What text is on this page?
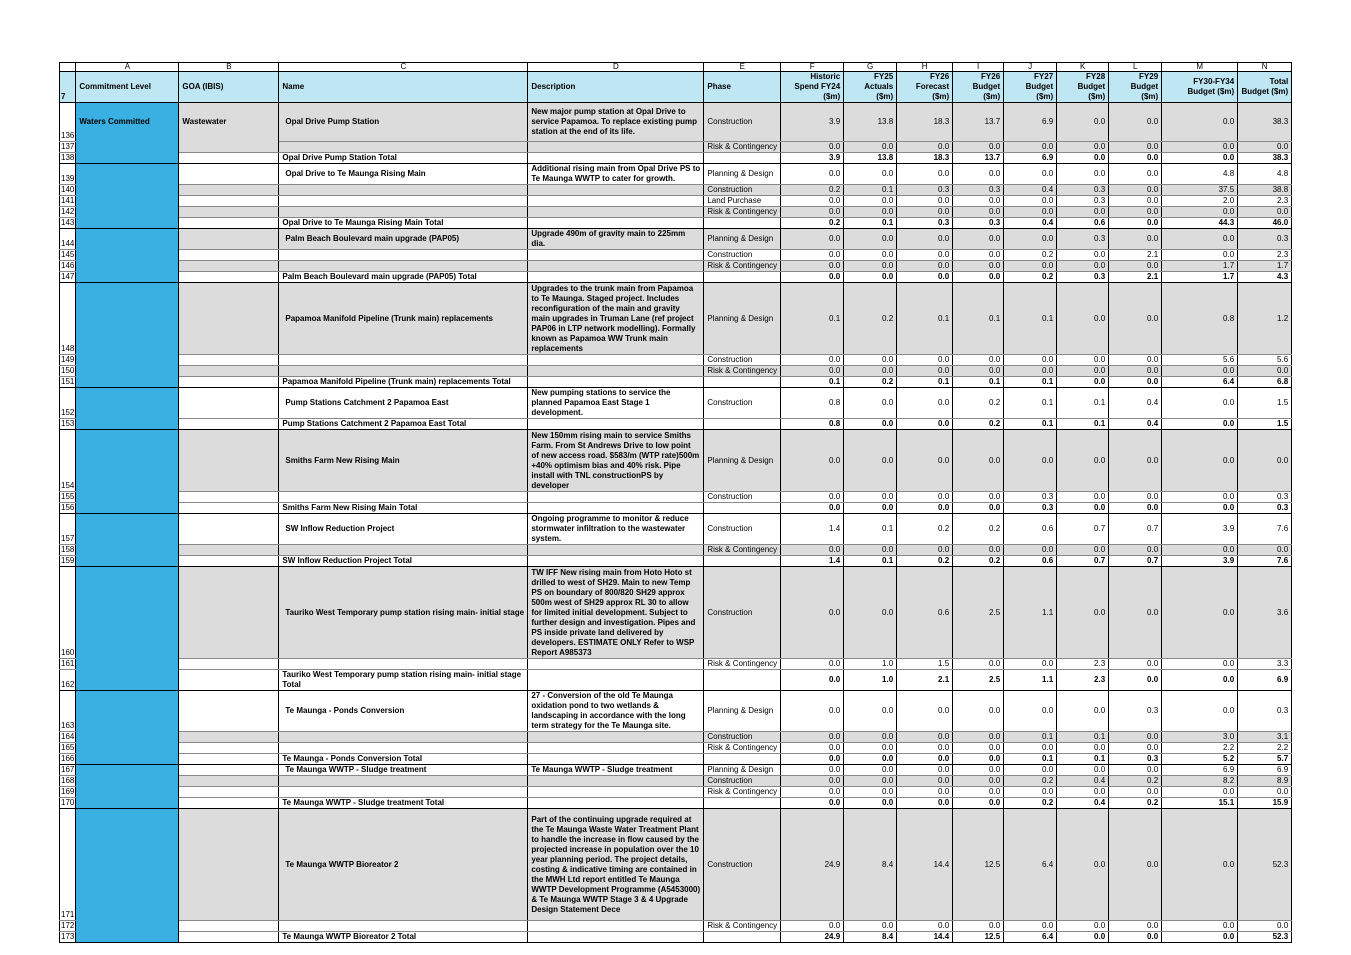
	A	B	C	D	E	F	G	H	I	J	K	L	M	N
7	Commitment Level	GOA (IBIS)	Name	Description	Phase	Historic Spend FY24 ($m)	FY25 Actuals ($m)	FY26 Forecast ($m)	FY26 Budget ($m)	FY27 Budget ($m)	FY28 Budget ($m)	FY29 Budget ($m)	FY30-FY34 Budget ($m)	Total Budget ($m)
136	Waters Committed	Wastewater	Opal Drive Pump Station	New major pump station at Opal Drive to service Papamoa. To replace existing pump station at the end of its life.	Construction	3.9	13.8	18.3	13.7	6.9	0.0	0.0	0.0	38.3
137					Risk & Contingency	0.0	0.0	0.0	0.0	0.0	0.0	0.0	0.0	0.0
138			Opal Drive Pump Station Total			3.9	13.8	18.3	13.7	6.9	0.0	0.0	0.0	38.3
139			Opal Drive to Te Maunga Rising Main	Additional rising main from Opal Drive PS to Te Maunga WWTP to cater for growth.	Planning & Design	0.0	0.0	0.0	0.0	0.0	0.0	0.0	4.8	4.8
140					Construction	0.2	0.1	0.3	0.3	0.4	0.3	0.0	37.5	38.8
141					Land Purchase	0.0	0.0	0.0	0.0	0.0	0.3	0.0	2.0	2.3
142					Risk & Contingency	0.0	0.0	0.0	0.0	0.0	0.0	0.0	0.0	0.0
143			Opal Drive to Te Maunga Rising Main Total			0.2	0.1	0.3	0.3	0.4	0.6	0.0	44.3	46.0
144			Palm Beach Boulevard main upgrade (PAP05)	Upgrade 490m of gravity main to 225mm dia.	Planning & Design	0.0	0.0	0.0	0.0	0.0	0.3	0.0	0.0	0.3
145					Construction	0.0	0.0	0.0	0.0	0.2	0.0	2.1	0.0	2.3
146					Risk & Contingency	0.0	0.0	0.0	0.0	0.0	0.0	0.0	1.7	1.7
147			Palm Beach Boulevard main upgrade (PAP05) Total			0.0	0.0	0.0	0.0	0.2	0.3	2.1	1.7	4.3
148			Papamoa Manifold Pipeline (Trunk main) replacements	Upgrades to the trunk main from Papamoa to Te Maunga. Staged project. Includes reconfiguration of the main and gravity main upgrades in Truman Lane (ref project PAP06 in LTP network modelling). Formally known as Papamoa WW Trunk main replacements	Planning & Design	0.1	0.2	0.1	0.1	0.1	0.0	0.0	0.8	1.2
149					Construction	0.0	0.0	0.0	0.0	0.0	0.0	0.0	5.6	5.6
150					Risk & Contingency	0.0	0.0	0.0	0.0	0.0	0.0	0.0	0.0	0.0
151			Papamoa Manifold Pipeline (Trunk main) replacements Total			0.1	0.2	0.1	0.1	0.1	0.0	0.0	6.4	6.8
152			Pump Stations Catchment 2 Papamoa East	New pumping stations to service the planned Papamoa East Stage 1 development.	Construction	0.8	0.0	0.0	0.2	0.1	0.1	0.4	0.0	1.5
153			Pump Stations Catchment 2 Papamoa East Total			0.8	0.0	0.0	0.2	0.1	0.1	0.4	0.0	1.5
154			Smiths Farm New Rising Main	New 150mm rising main to service Smiths Farm. From St Andrews Drive to low point of new access road. $583/m (WTP rate)500m +40% optimism bias and 40% risk. Pipe install with TNL constructionPS by developer	Planning & Design	0.0	0.0	0.0	0.0	0.0	0.0	0.0	0.0	0.0
155					Construction	0.0	0.0	0.0	0.0	0.3	0.0	0.0	0.0	0.3
156			Smiths Farm New Rising Main Total			0.0	0.0	0.0	0.0	0.3	0.0	0.0	0.0	0.3
157			SW Inflow Reduction Project	Ongoing programme to monitor & reduce stormwater infiltration to the wastewater system.	Construction	1.4	0.1	0.2	0.2	0.6	0.7	0.7	3.9	7.6
158					Risk & Contingency	0.0	0.0	0.0	0.0	0.0	0.0	0.0	0.0	0.0
159			SW Inflow Reduction Project Total			1.4	0.1	0.2	0.2	0.6	0.7	0.7	3.9	7.6
160			Tauriko West Temporary pump station rising main- initial stage	TW IFF New rising main from Hoto Hoto st drilled to west of SH29. Main to new Temp PS on boundary of 800/820 SH29 approx 500m west of SH29 approx RL 30 to allow for limited initial development. Subject to further design and investigation. Pipes and PS inside private land delivered by developers. ESTIMATE ONLY Refer to WSP Report A985373	Construction	0.0	0.0	0.6	2.5	1.1	0.0	0.0	0.0	3.6
161					Risk & Contingency	0.0	1.0	1.5	0.0	0.0	2.3	0.0	0.0	3.3
162			Tauriko West Temporary pump station rising main- initial stage Total			0.0	1.0	2.1	2.5	1.1	2.3	0.0	0.0	6.9
163			Te Maunga - Ponds Conversion	27 - Conversion of the old Te Maunga oxidation pond to two wetlands & landscaping in accordance with the long term strategy for the Te Maunga site.	Planning & Design	0.0	0.0	0.0	0.0	0.0	0.0	0.3	0.0	0.3
164					Construction	0.0	0.0	0.0	0.0	0.1	0.1	0.0	3.0	3.1
165					Risk & Contingency	0.0	0.0	0.0	0.0	0.0	0.0	0.0	2.2	2.2
166			Te Maunga - Ponds Conversion Total			0.0	0.0	0.0	0.0	0.1	0.1	0.3	5.2	5.7
167			Te Maunga WWTP - Sludge treatment	Te Maunga WWTP - Sludge treatment	Planning & Design	0.0	0.0	0.0	0.0	0.0	0.0	0.0	6.9	6.9
168					Construction	0.0	0.0	0.0	0.0	0.2	0.4	0.2	8.2	8.9
169					Risk & Contingency	0.0	0.0	0.0	0.0	0.0	0.0	0.0	0.0	0.0
170			Te Maunga WWTP - Sludge treatment Total			0.0	0.0	0.0	0.0	0.2	0.4	0.2	15.1	15.9
171			Te Maunga WWTP Bioreator 2	Part of the continuing upgrade required at the Te Maunga Waste Water Treatment Plant to handle the increase in flow caused by the projected increase in population over the 10 year planning period. The project details, costing & indicative timing are contained in the MWH Ltd report entitled Te Maunga WWTP Development Programme (A5453000) & Te Maunga WWTP Stage 3 & 4 Upgrade Design Statement Dece	Construction	24.9	8.4	14.4	12.5	6.4	0.0	0.0	0.0	52.3
172					Risk & Contingency	0.0	0.0	0.0	0.0	0.0	0.0	0.0	0.0	0.0
173			Te Maunga WWTP Bioreator 2 Total			24.9	8.4	14.4	12.5	6.4	0.0	0.0	0.0	52.3
